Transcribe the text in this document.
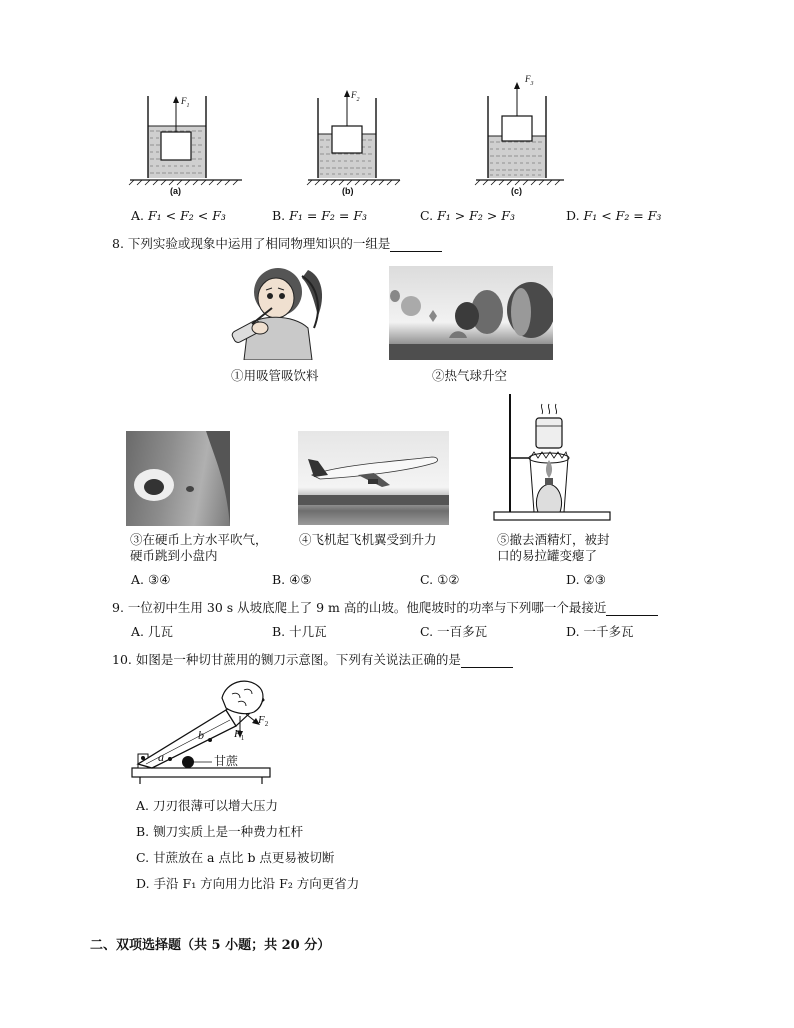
$F_1$
(a)
$F_2$
(b)
$F_3$
(c)
A. F₁ < F₂ < F₃	B. F₁ = F₂ = F₃	C. F₁ > F₂ > F₃	D. F₁ < F₂ = F₃
8. 下列实验或现象中运用了相同物理知识的一组是
①用吸管吸饮料	②热气球升空
③在硬币上方水平吹气，
硬币跳到小盘内
④飞机起飞机翼受到升力	⑤撤去酒精灯，被封
口的易拉罐变瘪了
A. ③④	B. ④⑤	C. ①②	D. ②③
9. 一位初中生用 30 s 从坡底爬上了 9 m 高的山坡。他爬坡时的功率与下列哪一个最接近
A. 几瓦	B. 十几瓦	C. 一百多瓦	D. 一千多瓦
10. 如图是一种切甘蔗用的铡刀示意图。下列有关说法正确的是
a
b	$F_1$
$F_2$
甘蔗
A. 刀刃很薄可以增大压力
B. 铡刀实质上是一种费力杠杆
C. 甘蔗放在 a 点比 b 点更易被切断
D. 手沿 F₁ 方向用力比沿 F₂ 方向更省力
二、双项选择题（共 5 小题；共 20 分）
